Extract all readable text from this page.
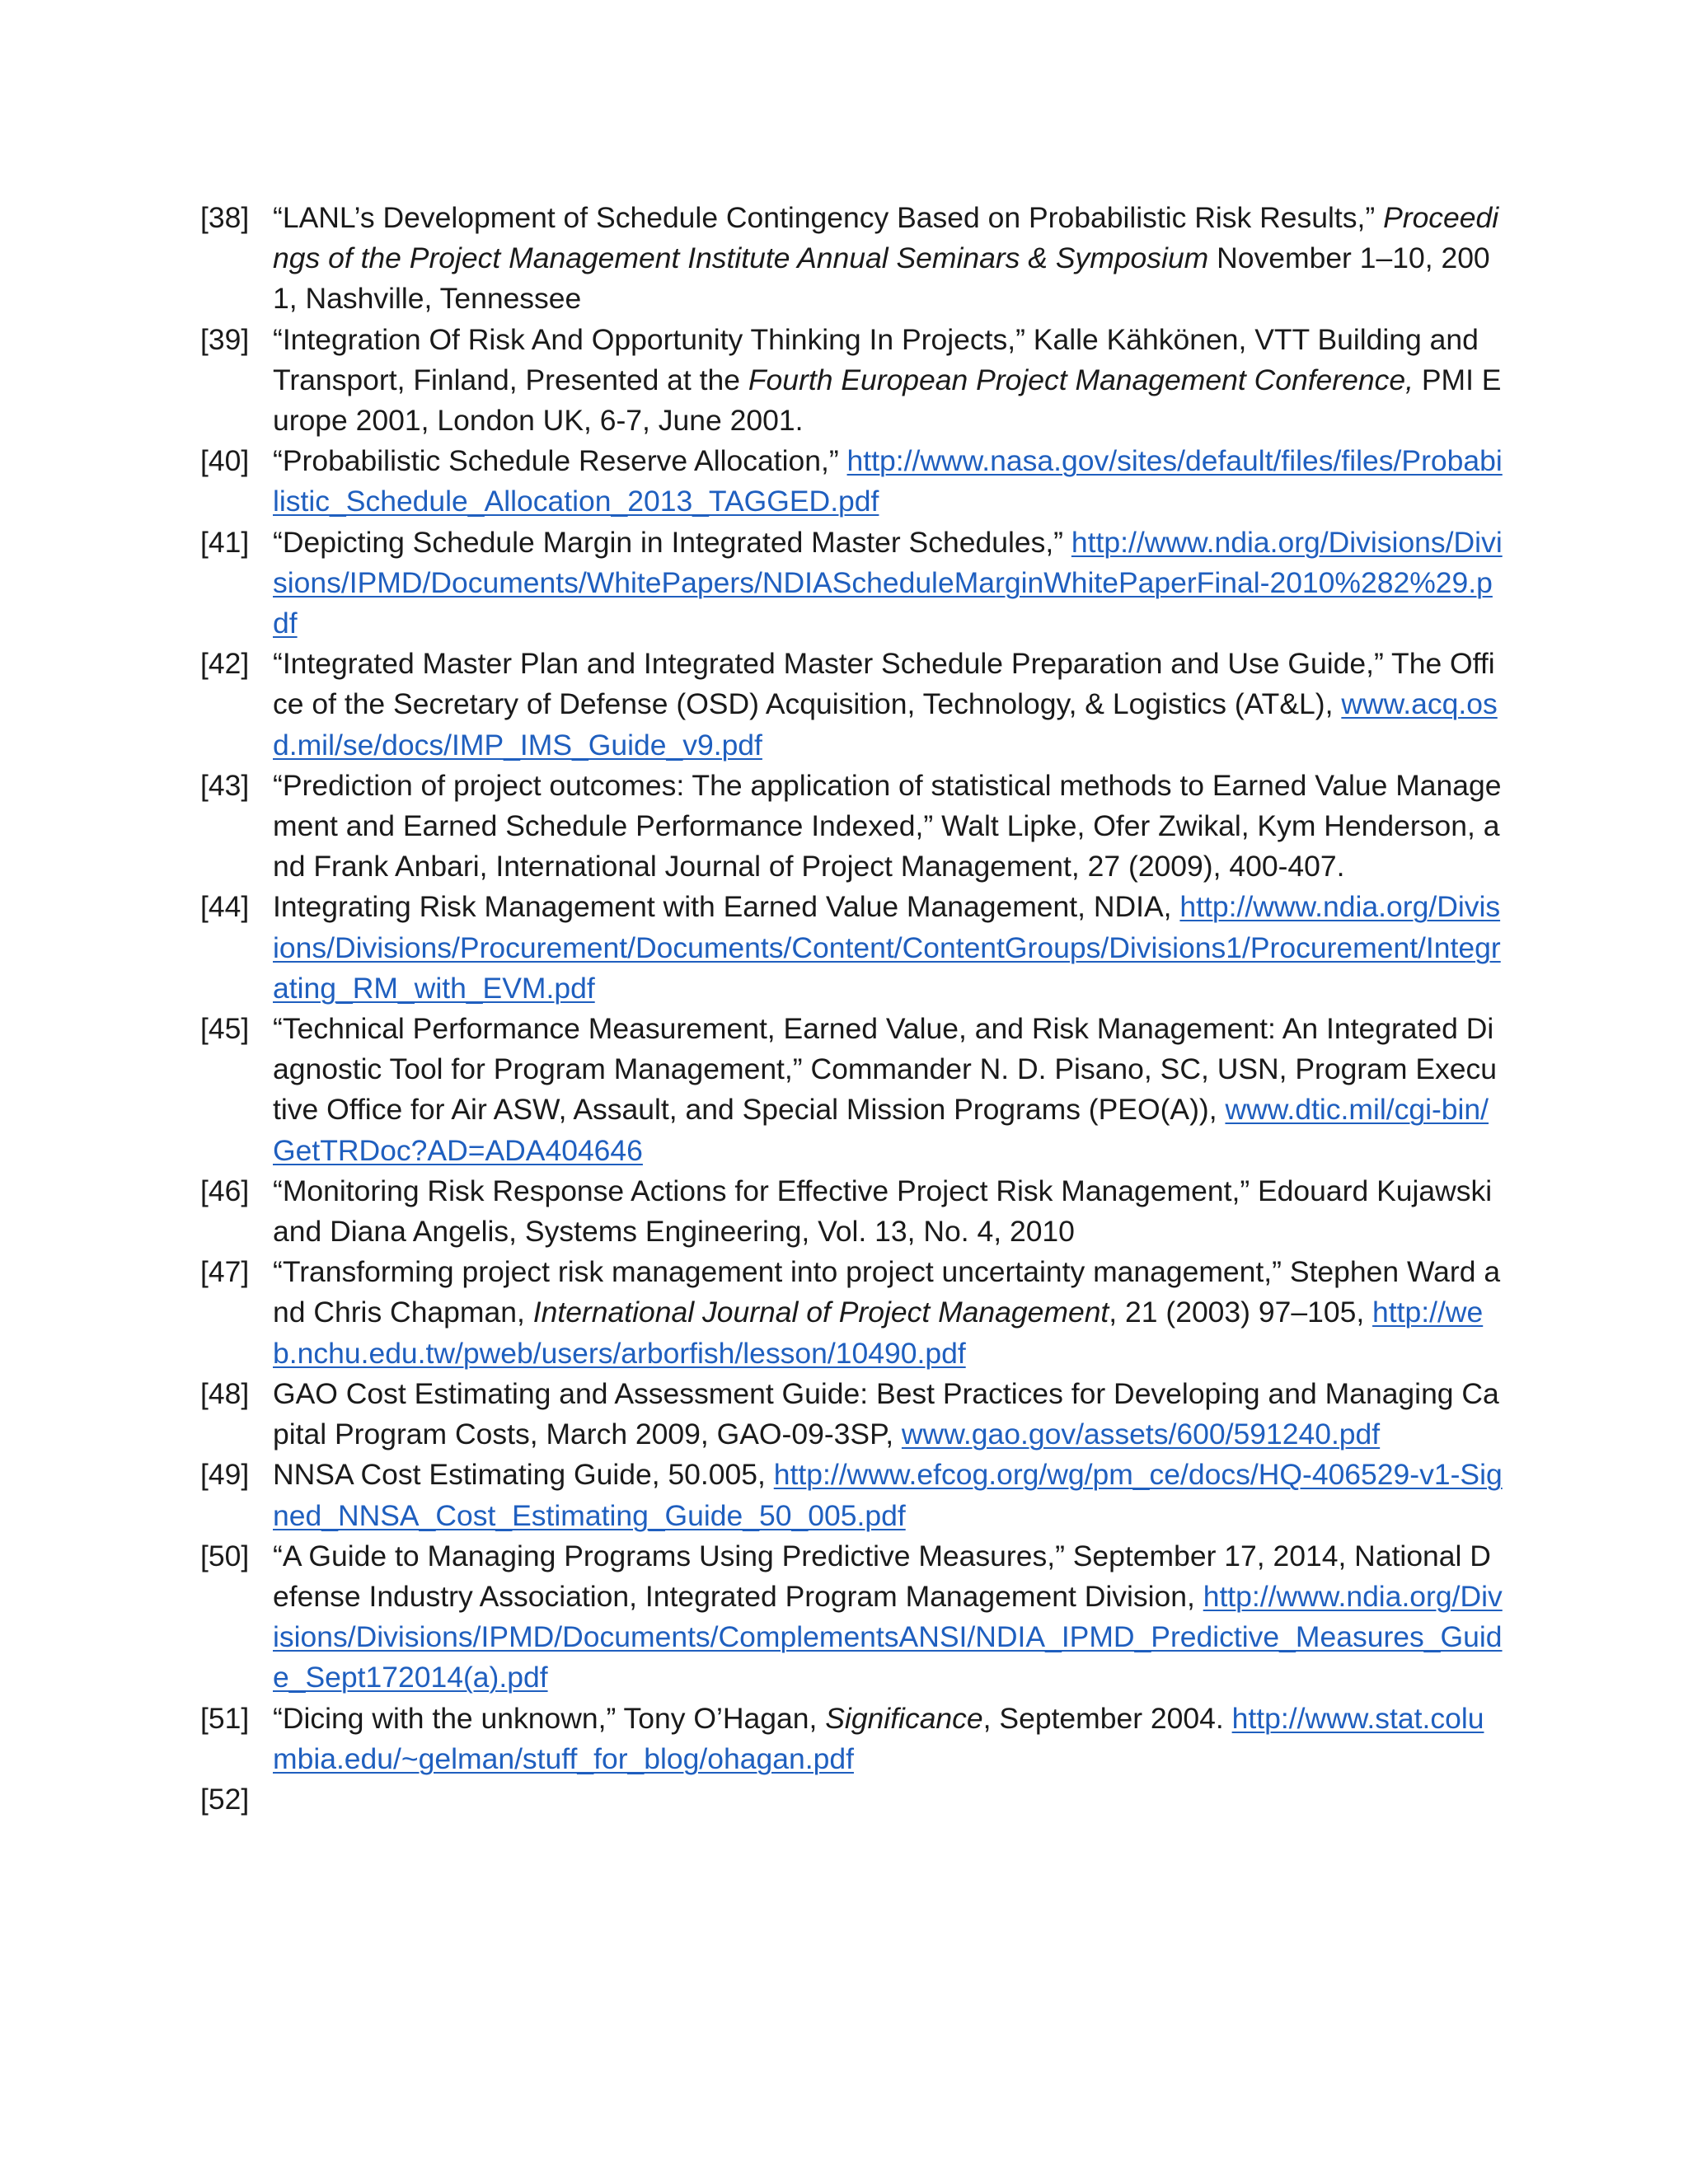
[38] “LANL’s Development of Schedule Contingency Based on Probabilistic Risk Results,” Proceedings of the Project Management Institute Annual Seminars & Symposium November 1–10, 2001, Nashville, Tennessee
[39] “Integration Of Risk And Opportunity Thinking In Projects,” Kalle Kähkönen, VTT Building and Transport, Finland, Presented at the Fourth European Project Management Conference, PMI Europe 2001, London UK, 6-7, June 2001.
[40] “Probabilistic Schedule Reserve Allocation,” http://www.nasa.gov/sites/default/files/files/Probabilistic_Schedule_Allocation_2013_TAGGED.pdf
[41] “Depicting Schedule Margin in Integrated Master Schedules,” http://www.ndia.org/Divisions/Divisions/IPMD/Documents/WhitePapers/NDIAScheduleMarginWhitePaperFinal-2010%282%29.pdf
[42] “Integrated Master Plan and Integrated Master Schedule Preparation and Use Guide,” The Office of the Secretary of Defense (OSD) Acquisition, Technology, & Logistics (AT&L), www.acq.osd.mil/se/docs/IMP_IMS_Guide_v9.pdf
[43] “Prediction of project outcomes: The application of statistical methods to Earned Value Management and Earned Schedule Performance Indexed,” Walt Lipke, Ofer Zwikal, Kym Henderson, and Frank Anbari, International Journal of Project Management, 27 (2009), 400-407.
[44] Integrating Risk Management with Earned Value Management, NDIA, http://www.ndia.org/Divisions/Divisions/Procurement/Documents/Content/ContentGroups/Divisions1/Procurement/Integrating_RM_with_EVM.pdf
[45] “Technical Performance Measurement, Earned Value, and Risk Management: An Integrated Diagnostic Tool for Program Management,” Commander N. D. Pisano, SC, USN, Program Executive Office for Air ASW, Assault, and Special Mission Programs (PEO(A)), www.dtic.mil/cgi-bin/GetTRDoc?AD=ADA404646
[46] “Monitoring Risk Response Actions for Effective Project Risk Management,” Edouard Kujawski and Diana Angelis, Systems Engineering, Vol. 13, No. 4, 2010
[47] “Transforming project risk management into project uncertainty management,” Stephen Ward and Chris Chapman, International Journal of Project Management, 21 (2003) 97–105, http://web.nchu.edu.tw/pweb/users/arborfish/lesson/10490.pdf
[48] GAO Cost Estimating and Assessment Guide: Best Practices for Developing and Managing Capital Program Costs, March 2009, GAO-09-3SP, www.gao.gov/assets/600/591240.pdf
[49] NNSA Cost Estimating Guide, 50.005, http://www.efcog.org/wg/pm_ce/docs/HQ-406529-v1-Signed_NNSA_Cost_Estimating_Guide_50_005.pdf
[50] “A Guide to Managing Programs Using Predictive Measures,” September 17, 2014, National Defense Industry Association, Integrated Program Management Division, http://www.ndia.org/Divisions/Divisions/IPMD/Documents/ComplementsANSI/NDIA_IPMD_Predictive_Measures_Guide_Sept172014(a).pdf
[51] “Dicing with the unknown,” Tony O’Hagan, Significance, September 2004. http://www.stat.columbia.edu/~gelman/stuff_for_blog/ohagan.pdf
[52]
